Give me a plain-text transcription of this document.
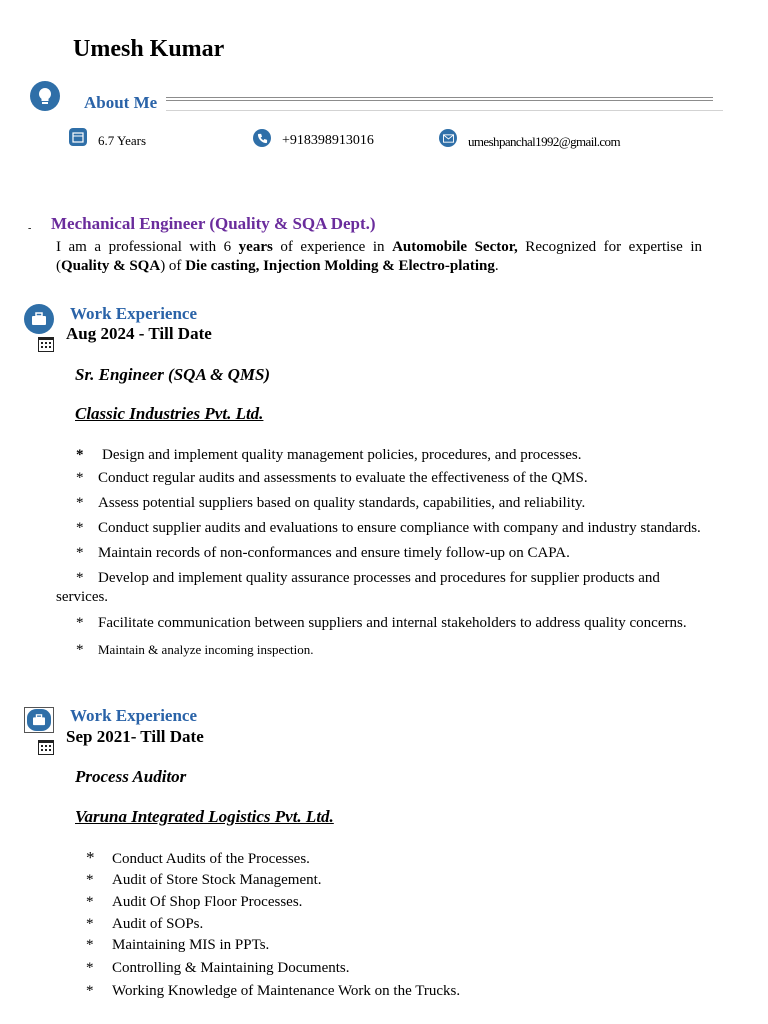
Umesh Kumar
About Me
6.7 Years	+918398913016	umeshpanchal1992@gmail.com
- Mechanical Engineer (Quality & SQA Dept.)
I am a professional with 6 years of experience in Automobile Sector, Recognized for expertise in (Quality & SQA) of Die casting, Injection Molding & Electro-plating.
Work Experience
Aug 2024 - Till Date
Sr. Engineer (SQA & QMS)
Classic Industries Pvt. Ltd.
* Design and implement quality management policies, procedures, and processes.
* Conduct regular audits and assessments to evaluate the effectiveness of the QMS.
* Assess potential suppliers based on quality standards, capabilities, and reliability.
* Conduct supplier audits and evaluations to ensure compliance with company and industry standards.
* Maintain records of non-conformances and ensure timely follow-up on CAPA.
* Develop and implement quality assurance processes and procedures for supplier products and services.
* Facilitate communication between suppliers and internal stakeholders to address quality concerns.
* Maintain & analyze incoming inspection.
Work Experience
Sep 2021- Till Date
Process Auditor
Varuna Integrated Logistics Pvt. Ltd.
* Conduct Audits of the Processes.
* Audit of Store Stock Management.
* Audit Of Shop Floor Processes.
* Audit of SOPs.
* Maintaining MIS in PPTs.
* Controlling & Maintaining Documents.
* Working Knowledge of Maintenance Work on the Trucks.
